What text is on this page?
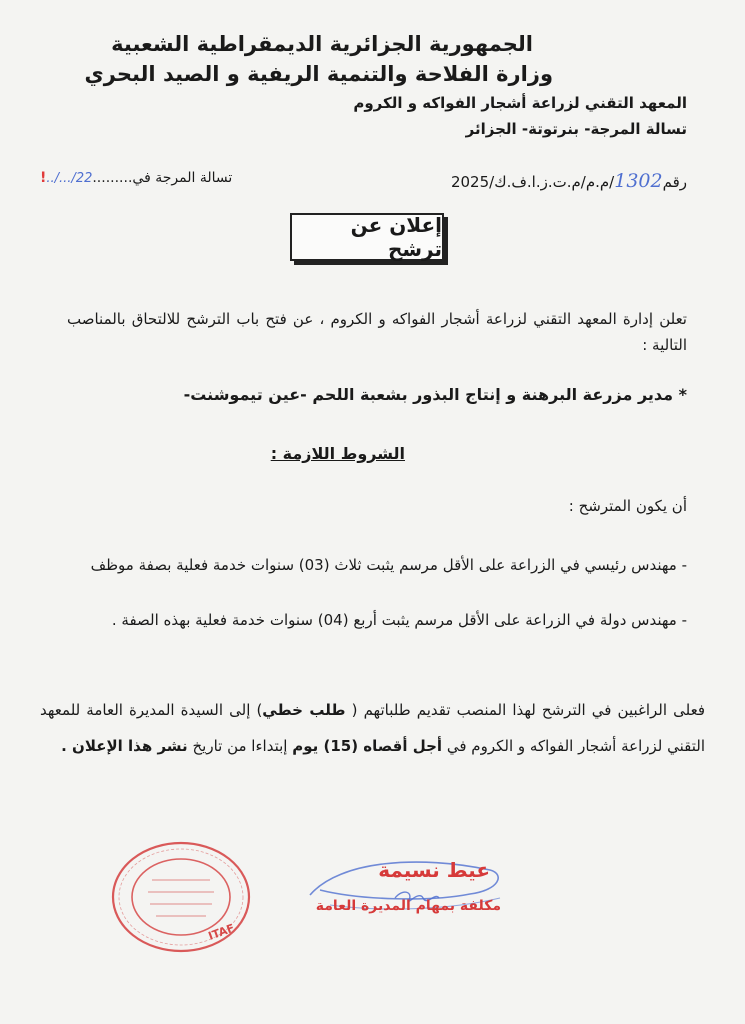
الجمهورية الجزائرية الديمقراطية الشعبية
وزارة الفلاحة والتنمية الريفية و الصيد البحري
المعهد التقني لزراعة أشجار الفواكه و الكروم
تسالة المرجة- بنرتوتة- الجزائر
رقم1302/م.م/م.ت.ز.ا.ف.ك/2025
تسالة المرجة في.........22/.../..!
إعلان عن ترشح
تعلن إدارة المعهد التقني لزراعة أشجار الفواكه و الكروم ، عن فتح باب الترشح للالتحاق بالمناصب التالية :
* مدير مزرعة البرهنة و إنتاج البذور بشعبة اللحم -عين تيموشنت-
الشروط اللازمة :
أن يكون المترشح :
- مهندس رئيسي في الزراعة على الأقل مرسم يثبت ثلاث (03) سنوات خدمة فعلية بصفة موظف
- مهندس دولة في الزراعة على الأقل مرسم يثبت أربع (04) سنوات خدمة فعلية بهذه الصفة .
فعلى الراغبين في الترشح لهذا المنصب تقديم طلباتهم ( طلب خطي) إلى السيدة المديرة العامة للمعهد التقني لزراعة أشجار الفواكه و الكروم في أجل أقصاه (15) يوم إبتداءا من تاريخ نشر هذا الإعلان .
ITAF
عيط نسيمة
مكلفة بمهام المديرة العامة
